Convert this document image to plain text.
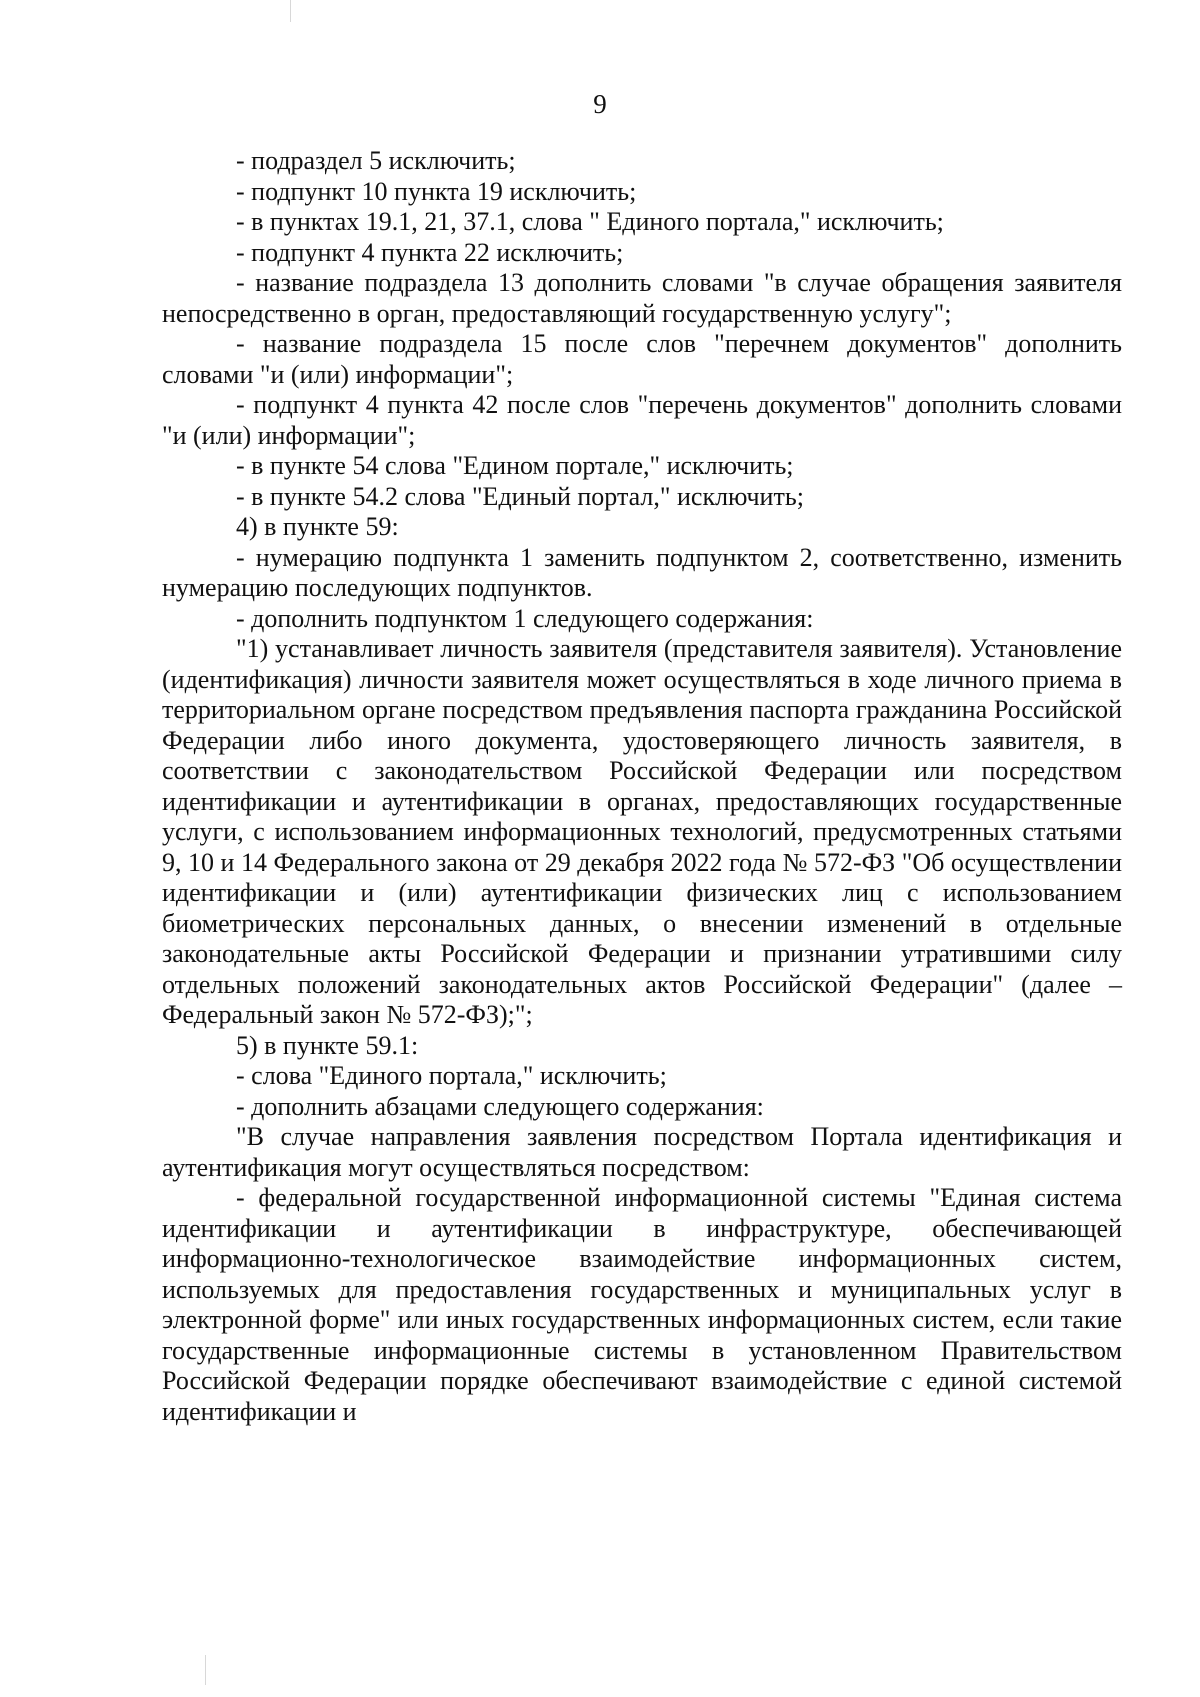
9

- подраздел 5 исключить;

- подпункт 10 пункта 19 исключить;

- в пунктах 19.1, 21, 37.1, слова " Единого портала," исключить;

- подпункт 4 пункта 22 исключить;

- название подраздела 13 дополнить словами "в случае обращения заявителя непосредственно в орган, предоставляющий государственную услугу";

- название подраздела 15 после слов "перечнем документов" дополнить словами "и (или) информации";

- подпункт 4 пункта 42 после слов "перечень документов" дополнить словами "и (или) информации";

- в пункте 54 слова "Едином портале," исключить;

- в пункте 54.2 слова "Единый портал," исключить;

4) в пункте 59:

- нумерацию подпункта 1 заменить подпунктом 2, соответственно, изменить нумерацию последующих подпунктов.

- дополнить подпунктом 1 следующего содержания:

"1) устанавливает личность заявителя (представителя заявителя). Установление (идентификация) личности заявителя может осуществляться в ходе личного приема в территориальном органе посредством предъявления паспорта гражданина Российской Федерации либо иного документа, удостоверяющего личность заявителя, в соответствии с законодательством Российской Федерации или посредством идентификации и аутентификации в органах, предоставляющих государственные услуги, с использованием информационных технологий, предусмотренных статьями 9, 10 и 14 Федерального закона от 29 декабря 2022 года № 572-ФЗ "Об осуществлении идентификации и (или) аутентификации физических лиц с использованием биометрических персональных данных, о внесении изменений в отдельные законодательные акты Российской Федерации и признании утратившими силу отдельных положений законодательных актов Российской Федерации" (далее – Федеральный закон № 572-ФЗ);";

5) в пункте 59.1:

- слова "Единого портала," исключить;

- дополнить абзацами следующего содержания:

"В случае направления заявления посредством Портала идентификация и аутентификация могут осуществляться посредством:

- федеральной государственной информационной системы "Единая система идентификации и аутентификации в инфраструктуре, обеспечивающей информационно-технологическое взаимодействие информационных систем, используемых для предоставления государственных и муниципальных услуг в электронной форме" или иных государственных информационных систем, если такие государственные информационные системы в установленном Правительством Российской Федерации порядке обеспечивают взаимодействие с единой системой идентификации и
